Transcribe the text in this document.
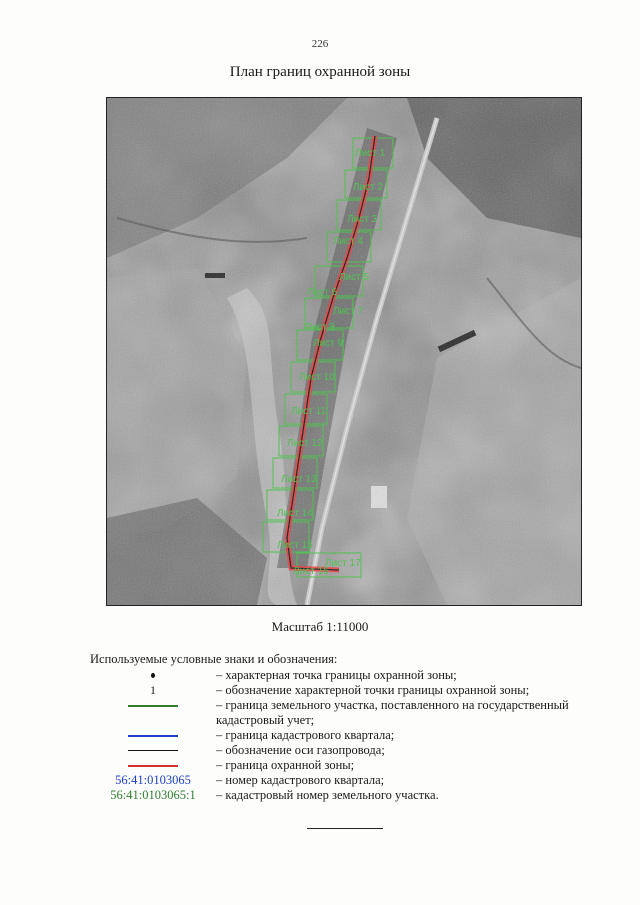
226
План границ охранной зоны
Масштаб 1:11000
Используемые условные знаки и обозначения:
– характерная точка границы охранной зоны;
1	– обозначение характерной точки границы охранной зоны;
– граница земельного участка, поставленного на государственный кадастровый учет;
– граница кадастрового квартала;
– обозначение оси газопровода;
– граница охранной зоны;
56:41:0103065 – номер кадастрового квартала;
56:41:0103065:1 – кадастровый номер земельного участка.
